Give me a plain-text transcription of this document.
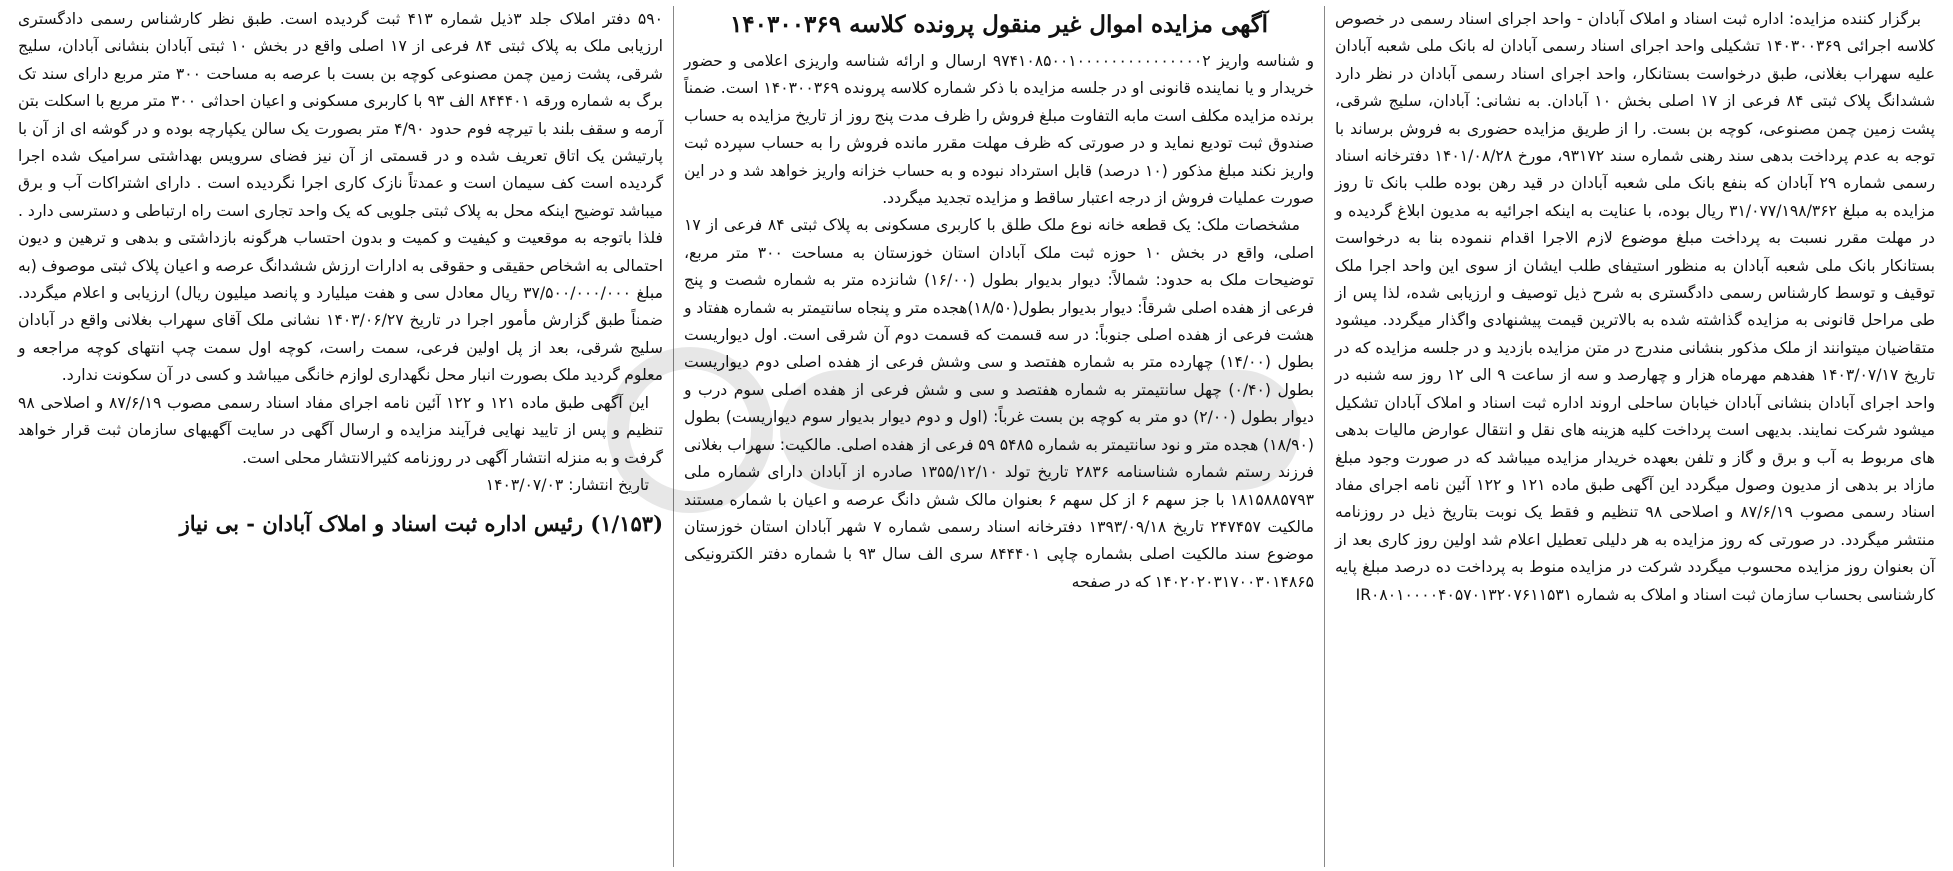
برگزار کننده مزایده: اداره ثبت اسناد و املاک آبادان - واحد اجرای اسناد رسمی در خصوص کلاسه اجرائی ۱۴۰۳۰۰۳۶۹ تشکیلی واحد اجرای اسناد رسمی آبادان له بانک ملی شعبه آبادان علیه سهراب بغلانی، طبق درخواست بستانکار، واحد اجرای اسناد رسمی آبادان در نظر دارد ششدانگ پلاک ثبتی ۸۴ فرعی از ۱۷ اصلی بخش ۱۰ آبادان. به نشانی: آبادان، سلیج شرقی، پشت زمین چمن مصنوعی، کوچه بن بست. را از طریق مزایده حضوری به فروش برساند با توجه به عدم پرداخت بدهی سند رهنی شماره سند ۹۳۱۷۲، مورخ ۱۴۰۱/۰۸/۲۸ دفترخانه اسناد رسمی شماره ۲۹ آبادان که بنفع بانک ملی شعبه آبادان در قید رهن بوده طلب بانک تا روز مزایده به مبلغ ۳۱/۰۷۷/۱۹۸/۳۶۲ ریال بوده، با عنایت به اینکه اجرائیه به مدیون ابلاغ گردیده و در مهلت مقرر نسبت به پرداخت مبلغ موضوع لازم الاجرا اقدام ننموده بنا به درخواست بستانکار بانک ملی شعبه آبادان به منظور استیفای طلب ایشان از سوی این واحد اجرا ملک توقیف و توسط کارشناس رسمی دادگستری به شرح ذیل توصیف و ارزیابی شده، لذا پس از طی مراحل قانونی به مزایده گذاشته شده به بالاترین قیمت پیشنهادی واگذار میگردد. میشود متقاضیان میتوانند از ملک مذکور بنشانی مندرج در متن مزایده بازدید و در جلسه مزایده که در تاریخ ۱۴۰۳/۰۷/۱۷ هفدهم مهرماه هزار و چهارصد و سه از ساعت ۹ الی ۱۲ روز سه شنبه در واحد اجرای آبادان بنشانی آبادان خیابان ساحلی اروند اداره ثبت اسناد و املاک آبادان تشکیل میشود شرکت نمایند. بدیهی است پرداخت کلیه هزینه های نقل و انتقال عوارض مالیات بدهی های مربوط به آب و برق و گاز و تلفن بعهده خریدار مزایده میباشد که در صورت وجود مبلغ مازاد بر بدهی از مدیون وصول میگردد این آگهی طبق ماده ۱۲۱ و ۱۲۲ آئین نامه اجرای مفاد اسناد رسمی مصوب ۸۷/۶/۱۹ و اصلاحی ۹۸ تنظیم و فقط یک نوبت بتاریخ ذیل در روزنامه منتشر میگردد. در صورتی که روز مزایده به هر دلیلی تعطیل اعلام شد اولین روز کاری بعد از آن بعنوان روز مزایده محسوب میگردد شرکت در مزایده منوط به پرداخت ده درصد مبلغ پایه کارشناسی بحساب سازمان ثبت اسناد و املاک به شماره IR۰۸۰۱۰۰۰۰۴۰۵۷۰۱۳۲۰۷۶۱۱۵۳۱

آگهی مزایده اموال غیر منقول پرونده کلاسه ۱۴۰۳۰۰۳۶۹

و شناسه واریز ۹۷۴۱۰۸۵۰۰۱۰۰۰۰۰۰۰۰۰۰۰۰۰۰۰۲ ارسال و ارائه شناسه واریزی اعلامی و حضور خریدار و یا نماینده قانونی او در جلسه مزایده با ذکر شماره کلاسه پرونده ۱۴۰۳۰۰۳۶۹ است. ضمناً برنده مزایده مکلف است مابه التفاوت مبلغ فروش را ظرف مدت پنج روز از تاریخ مزایده به حساب صندوق ثبت تودیع نماید و در صورتی که ظرف مهلت مقرر مانده فروش را به حساب سپرده ثبت واریز نکند مبلغ مذکور (۱۰ درصد) قابل استرداد نبوده و به حساب خزانه واریز خواهد شد و در این صورت عملیات فروش از درجه اعتبار ساقط و مزایده تجدید میگردد.

مشخصات ملک: یک قطعه خانه نوع ملک طلق با کاربری مسکونی به پلاک ثبتی ۸۴ فرعی از ۱۷ اصلی، واقع در بخش ۱۰ حوزه ثبت ملک آبادان استان خوزستان به مساحت ۳۰۰ متر مربع، توضیحات ملک به حدود: شمالاً: دیوار بدیوار بطول (۱۶/۰۰) شانزده متر به شماره شصت و پنج فرعی از هفده اصلی شرقاً: دیوار بدیوار بطول(۱۸/۵۰)هجده متر و پنجاه سانتیمتر به شماره هفتاد و هشت فرعی از هفده اصلی جنوباً: در سه قسمت که قسمت دوم آن شرقی است. اول دیواریست بطول (۱۴/۰۰) چهارده متر به شماره هفتصد و سی وشش فرعی از هفده اصلی دوم دیواریست بطول (۰/۴۰) چهل سانتیمتر به شماره هفتصد و سی و شش فرعی از هفده اصلی سوم درب و دیوار بطول (۲/۰۰) دو متر به کوچه بن بست غرباً: (اول و دوم دیوار بدیوار سوم دیواریست) بطول (۱۸/۹۰) هجده متر و نود سانتیمتر به شماره ۵۴۸۵ ۵۹ فرعی از هفده اصلی. مالکیت: سهراب بغلانی فرزند رستم شماره شناسنامه ۲۸۳۶ تاریخ تولد ۱۳۵۵/۱۲/۱۰ صادره از آبادان دارای شماره ملی ۱۸۱۵۸۸۵۷۹۳ با جز سهم ۶ از کل سهم ۶ بعنوان مالک شش دانگ عرصه و اعیان با شماره مستند مالکیت ۲۴۷۴۵۷ تاریخ ۱۳۹۳/۰۹/۱۸ دفترخانه اسناد رسمی شماره ۷ شهر آبادان استان خوزستان موضوع سند مالکیت اصلی بشماره چاپی ۸۴۴۴۰۱ سری الف سال ۹۳ با شماره دفتر الکترونیکی ۱۴۰۲۰۲۰۳۱۷۰۰۳۰۱۴۸۶۵ که در صفحه

۵۹۰ دفتر املاک جلد ۳ذیل شماره ۴۱۳ ثبت گردیده است. طبق نظر کارشناس رسمی دادگستری ارزیابی ملک به پلاک ثبتی ۸۴ فرعی از ۱۷ اصلی واقع در بخش ۱۰ ثبتی آبادان بنشانی آبادان، سلیج شرقی، پشت زمین چمن مصنوعی کوچه بن بست با عرصه به مساحت ۳۰۰ متر مربع دارای سند تک برگ به شماره ورقه ۸۴۴۴۰۱ الف ۹۳ با کاربری مسکونی و اعیان احداثی ۳۰۰ متر مربع با اسکلت بتن آرمه و سقف بلند با تیرچه فوم حدود ۴/۹۰ متر بصورت یک سالن یکپارچه بوده و در گوشه ای از آن با پارتیشن یک اتاق تعریف شده و در قسمتی از آن نیز فضای سرویس بهداشتی سرامیک شده اجرا گردیده است کف سیمان است و عمدتاً نازک کاری اجرا نگردیده است . دارای اشتراکات آب و برق میباشد توضیح اینکه محل به پلاک ثبتی جلویی که یک واحد تجاری است راه ارتباطی و دسترسی دارد . فلذا باتوجه به موقعیت و کیفیت و کمیت و بدون احتساب هرگونه بازداشتی و بدهی و ترهین و دیون احتمالی به اشخاص حقیقی و حقوقی به ادارات ارزش ششدانگ عرصه و اعیان پلاک ثبتی موصوف (به مبلغ ۳۷/۵۰۰/۰۰۰/۰۰۰ ریال معادل سی و هفت میلیارد و پانصد میلیون ریال) ارزیابی و اعلام میگردد. ضمناً طبق گزارش مأمور اجرا در تاریخ ۱۴۰۳/۰۶/۲۷ نشانی ملک آقای سهراب بغلانی واقع در آبادان سلیج شرقی، بعد از پل اولین فرعی، سمت راست، کوچه اول سمت چپ انتهای کوچه مراجعه و معلوم گردید ملک بصورت انبار محل نگهداری لوازم خانگی میباشد و کسی در آن سکونت ندارد.

این آگهی طبق ماده ۱۲۱ و ۱۲۲ آئین نامه اجرای مفاد اسناد رسمی مصوب ۸۷/۶/۱۹ و اصلاحی ۹۸ تنظیم و پس از تایید نهایی فرآیند مزایده و ارسال آگهی در سایت آگهیهای سازمان ثبت قرار خواهد گرفت و به منزله انتشار آگهی در روزنامه کثیرالانتشار محلی است.

تاریخ انتشار: ۱۴۰۳/۰۷/۰۳

(۱/۱۵۳) رئیس اداره ثبت اسناد و املاک آبادان - بی نیاز
